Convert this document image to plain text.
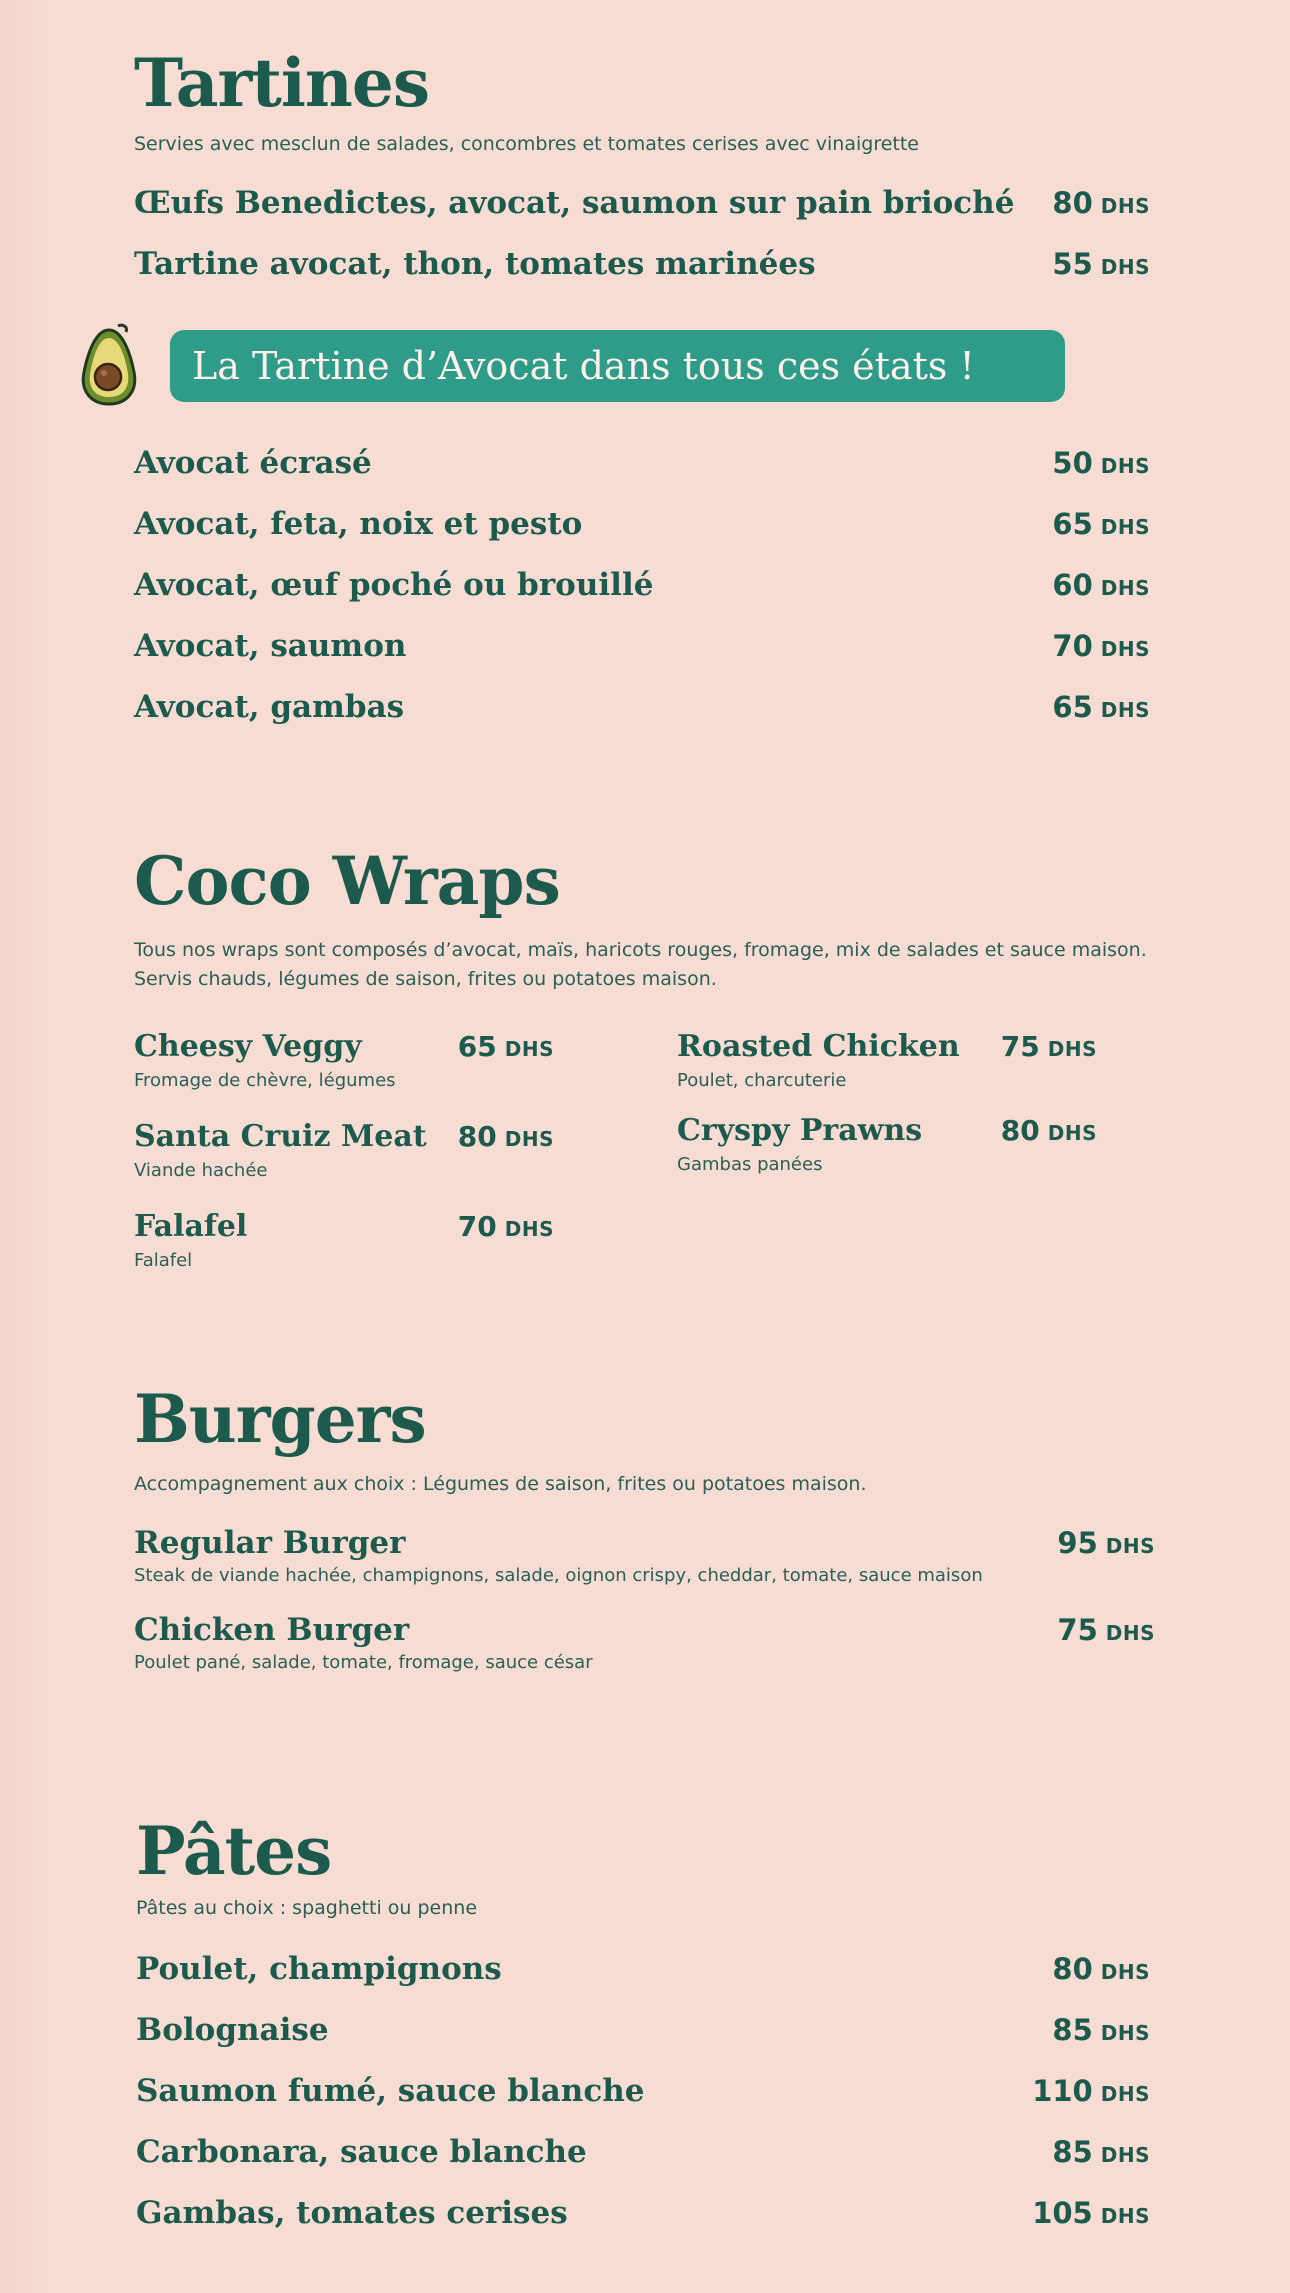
Tartines
Servies avec mesclun de salades, concombres et tomates cerises avec vinaigrette
Œufs Benedictes, avocat, saumon sur pain brioché	80 DHS
Tartine avocat, thon, tomates marinées	55 DHS
La Tartine d’Avocat dans tous ces états !
Avocat écrasé	50 DHS
Avocat, feta, noix et pesto	65 DHS
Avocat, œuf poché ou brouillé	60 DHS
Avocat, saumon	70 DHS
Avocat, gambas	65 DHS
Coco Wraps
Tous nos wraps sont composés d’avocat, maïs, haricots rouges, fromage, mix de salades et sauce maison.
Servis chauds, légumes de saison, frites ou potatoes maison.
Cheesy Veggy	65 DHS
Fromage de chèvre, légumes
Santa Cruiz Meat	80 DHS
Viande hachée
Falafel	70 DHS
Falafel
Roasted Chicken	75 DHS
Poulet, charcuterie
Cryspy Prawns	80 DHS
Gambas panées
Burgers
Accompagnement aux choix : Légumes de saison, frites ou potatoes maison.
Regular Burger	95 DHS
Steak de viande hachée, champignons, salade, oignon crispy, cheddar, tomate, sauce maison
Chicken Burger	75 DHS
Poulet pané, salade, tomate, fromage, sauce césar
Pâtes
Pâtes au choix : spaghetti ou penne
Poulet, champignons	80 DHS
Bolognaise	85 DHS
Saumon fumé, sauce blanche	110 DHS
Carbonara, sauce blanche	85 DHS
Gambas, tomates cerises	105 DHS
